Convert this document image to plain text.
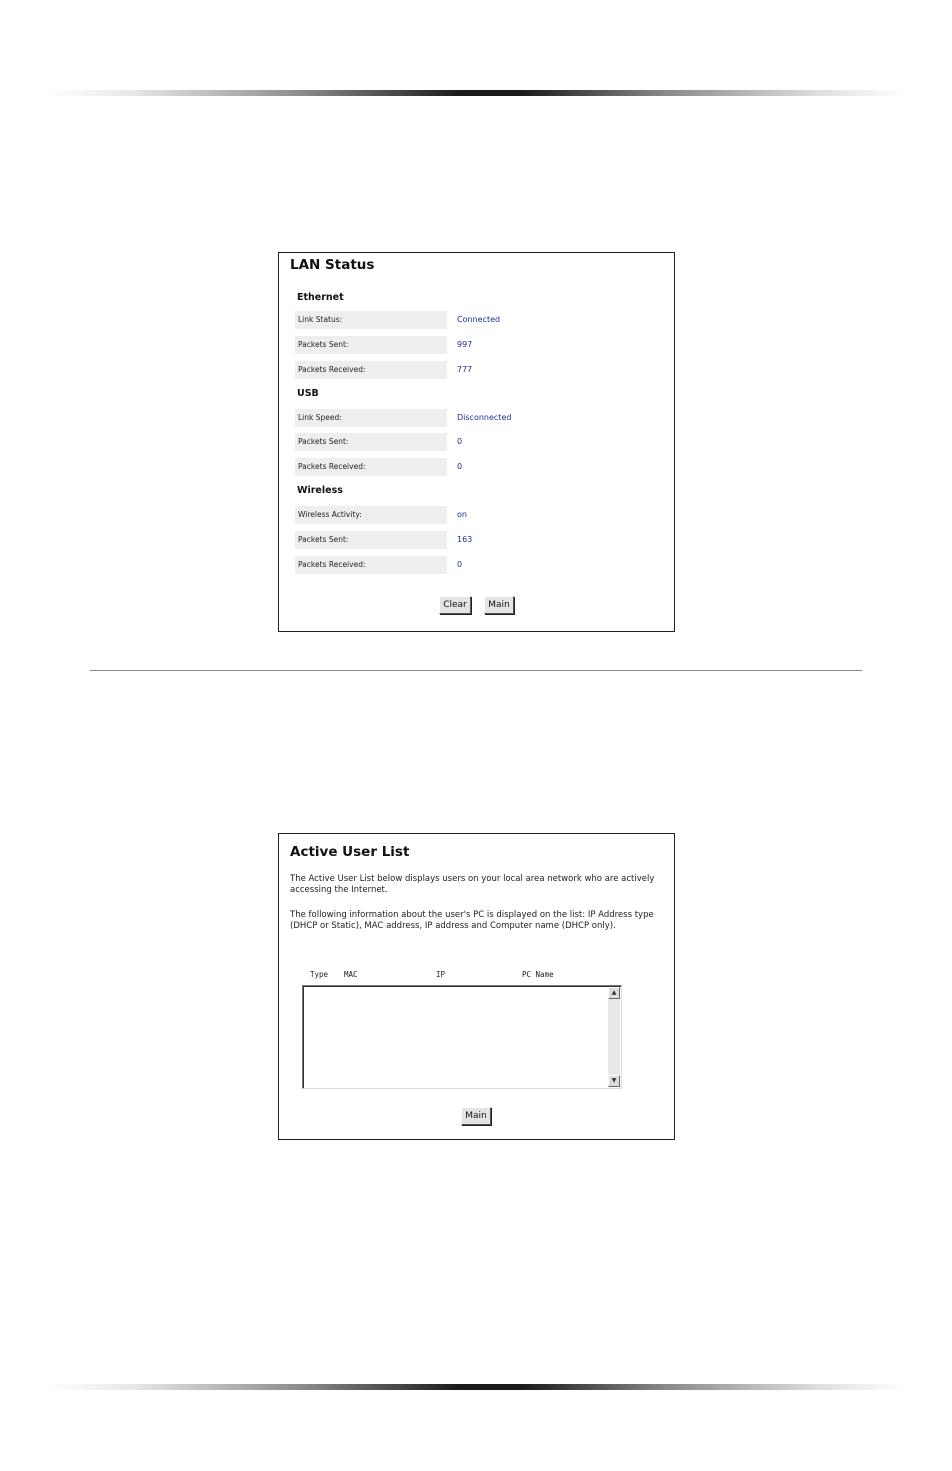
LAN Status
Ethernet
Link Status:	Connected
Packets Sent:	997
Packets Received:	777
USB
Link Speed:	Disconnected
Packets Sent:	0
Packets Received:	0
Wireless
Wireless Activity:	on
Packets Sent:	163
Packets Received:	0
Clear	Main
Active User List

The Active User List below displays users on your local area network who are actively accessing the Internet.

The following information about the user's PC is displayed on the list: IP Address type (DHCP or Static), MAC address, IP address and Computer name (DHCP only).

Type MAC	IP	PC Name
▲
▼
Main
